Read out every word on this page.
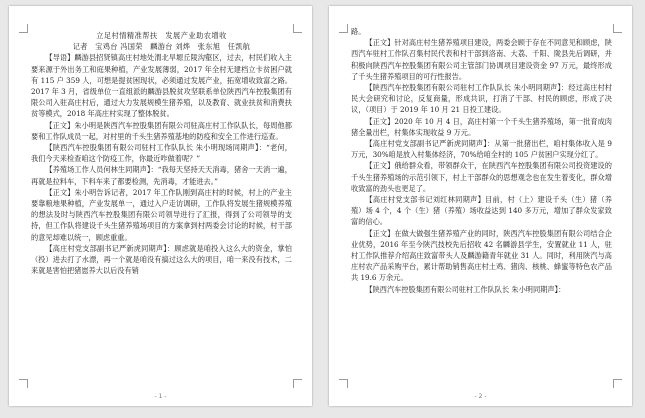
立足村情精准帮扶　发展产业助农增收

记者　宝鸡台 冯国荣　麟游台 刘烨　张东旭　任凯航

【导语】麟游县招贤镇高庄村地处渭北旱塬丘陵沟壑区，过去，村民们收入主要来源于外出务工和庭果种植，产业发展薄弱，2017 年全村无建档立卡贫困户就有 115 户 359 人，可想是提贫困现状，必须通过发展产业，拓宽增收致富之路。2017 年 3 月，省级单位一直组派的麟游县脱贫攻坚联系单位陕西汽车控股集团有限公司入驻高庄村后，通过大力发展规模生猪养殖，以及教育、就业扶贫和消费扶贫等模式，2018 年高庄村实现了整体脱贫。

【正文】朱小明是陕西汽车控股集团有限公司驻高庄村工作队队长，每周他都要和工作队成员一起，对村里的千头生猪养殖基地的防疫和安全工作进行巡查。

【陕西汽车控股集团有限公司驻村工作队队长 朱小明现场同期声】：“老何，我们今天来检查咱这个防疫工作，你最近咋做着呢？”

【养殖场工作人员何林生同期声】：“我每天坚持天天消毒，猪舍一天消一遍，再就是拉料车，下料车来了都要检测，先消毒，才能进去。”

【正文】朱小明告诉记者，2017 年工作队刚到高庄村的时候，村上的产业主要靠粮地果种植，产业发展单一，通过入户走访调研，工作队将发展生猪规模养殖的想法及时与陕西汽车控股集团有限公司领导进行了汇报，得到了公司领导的支持，但工作队将建设千头生猪养殖场项目的方案拿到村两委会讨论的时候，村干部的意见却难以统一，顾虑重重。

【高庄村党支部副书记严新虎同期声】：顾虑就是咱投入这么大的资金，掌怕（投）进去打了水漂，再一个就是咱没有搞过这么大的项目，咱一来没有技术，二来就是害怕把猪崽养大以后没有销

- 1 -

路。

【正文】针对高庄村生猪养殖项目建设，两委会顾于存在不同意见和顾虑，陕西汽车驻村工作队召集村民代表和村干部到洛南、大荔、千阳、陇县先后调研，并积极向陕西汽车控股集团有限公司主管部门协调项目建设资金 97 万元，最终形成了千头生猪养殖项目的可行性报告。

【陕西汽车控股集团有限公司驻村工作队队长 朱小明同期声】：经过高庄村村民大会研究和讨论，反复商量，形成共识，打消了干部、村民的顾虑，形成了决议，（项目）于 2019 年 10 月 21 日投工建设。

【正文】2020 年 10 月 4 日，高庄村第一个千头生猪养殖场，第一批育成肉猪全量出栏，村集体实现收益 9 万元。

【高庄村党支部副书记严新虎同期声】：从第一批猪出栏，咱村集体收入是 9 万元，30%咱是放入村集体经济，70%给咱全村的 105 户贫困户实现分红了。

【正文】俄给群众看，带领群众干，在陕西汽车控股集团有限公司投资建设的千头生猪养殖场的示范引领下，村上干部群众的思想观念也在发生着变化，群众增收致富的劲头也更足了。

【高庄村党支部书记刘红林同期声】目前，村（上）建设千头（生）猪（养殖）场 4 个，4 个（生）猪（养殖）场收益达到 140 多万元，增加了群众发家致富的信心。

【正文】在做大做强生猪养殖产业的同时，陕西汽车控股集团有限公司结合企业优势，2016 年至今陕汽技校先后招收 42 名麟游县学生，安置就业 11 人，驻村工作队推荐介绍高庄致富带头人及麟游籍青年就业 31 人。同时，利用陕汽与高庄村农产品采购平台，累计帮助销售高庄村土鸡、猪肉、核桃、蜂蜜等特色农产品共 19.6 万余元。

【陕西汽车控股集团有限公司驻村工作队队长 朱小明同期声】：

- 2 -
